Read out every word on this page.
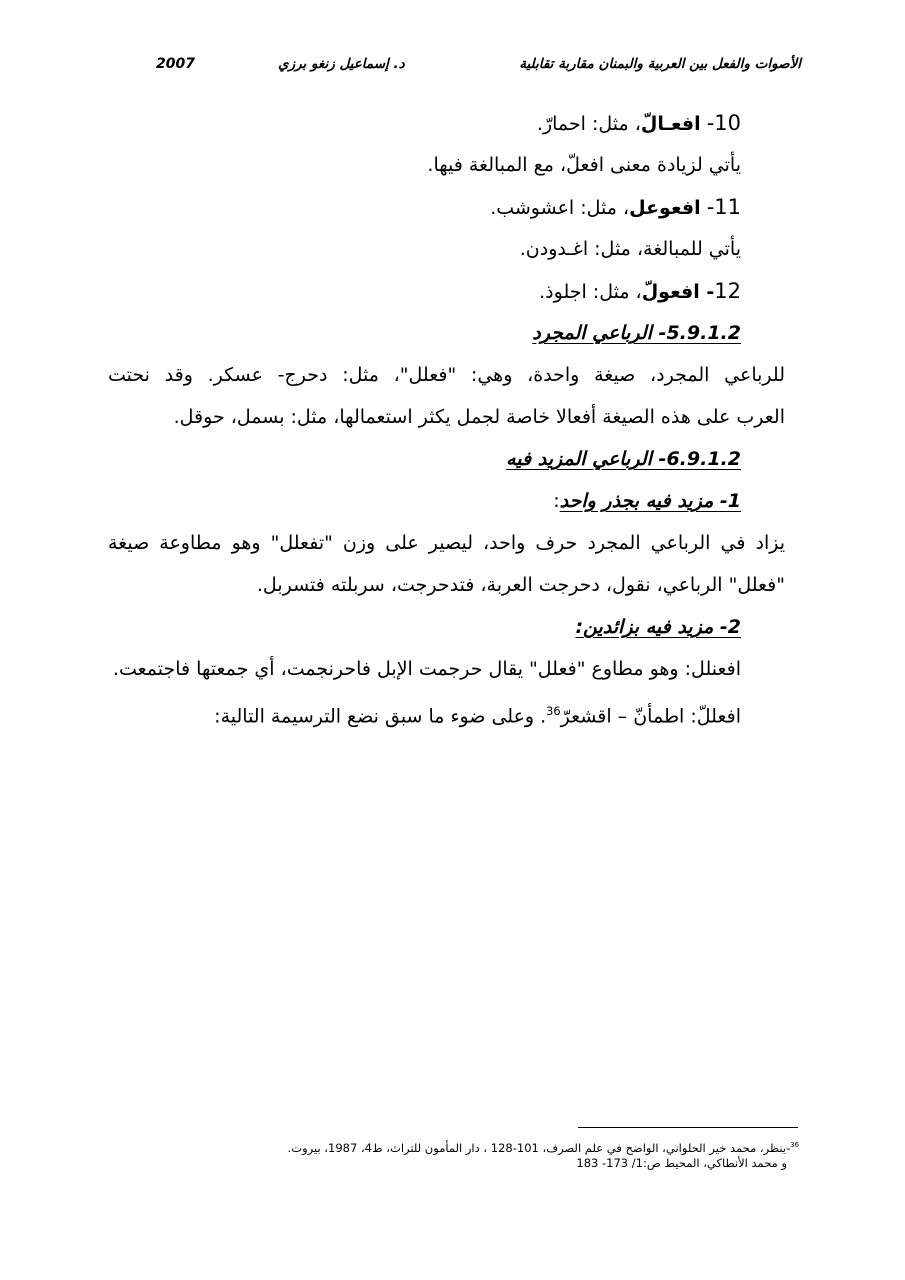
الأصوات والفعل بين العربية والبمنان مقاربة تقابلية
د. إسماعيل زنغو برزي
2007
10- افعـالّ، مثل: احمارّ.
يأتي لزيادة معنى افعلّ، مع المبالغة فيها.
11- افعوعل، مثل: اعشوشب.
يأتي للمبالغة، مثل: اغـدودن.
12- افعولّ، مثل: اجلوذ.
5.9.1.2- الرباعي المجرد
للرباعي المجرد، صيغة واحدة، وهي: "فعلل"، مثل: دحرج- عسكر. وقد نحتت
العرب على هذه الصيغة أفعالا خاصة لجمل يكثر استعمالها، مثل: بسمل، حوقل.
6.9.1.2- الرباعي المزيد فيه
1- مزيد فيه بجذر واحد:
يزاد في الرباعي المجرد حرف واحد، ليصير على وزن "تفعلل" وهو مطاوعة صيغة
"فعلل" الرباعي، نقول، دحرجت العربة، فتدحرجت، سربلته فتسربل.
2- مزيد فيه بزائدين:
افعنلل: وهو مطاوع "فعلل" يقال حرجمت الإبل فاحرنجمت، أي جمعتها فاجتمعت.
افعللّ: اطمأنّ – اقشعرّ$^{36}$. وعلى ضوء ما سبق نضع الترسيمة التالية:
$^{36}$-ينظر، محمد خير الحلواني، الواضح في علم الصرف، 101-128 ، دار المأمون للتراث، ط4، 1987، بيروت.
و محمد الأنطاكي، المحيط ص:1/ 173- 183
